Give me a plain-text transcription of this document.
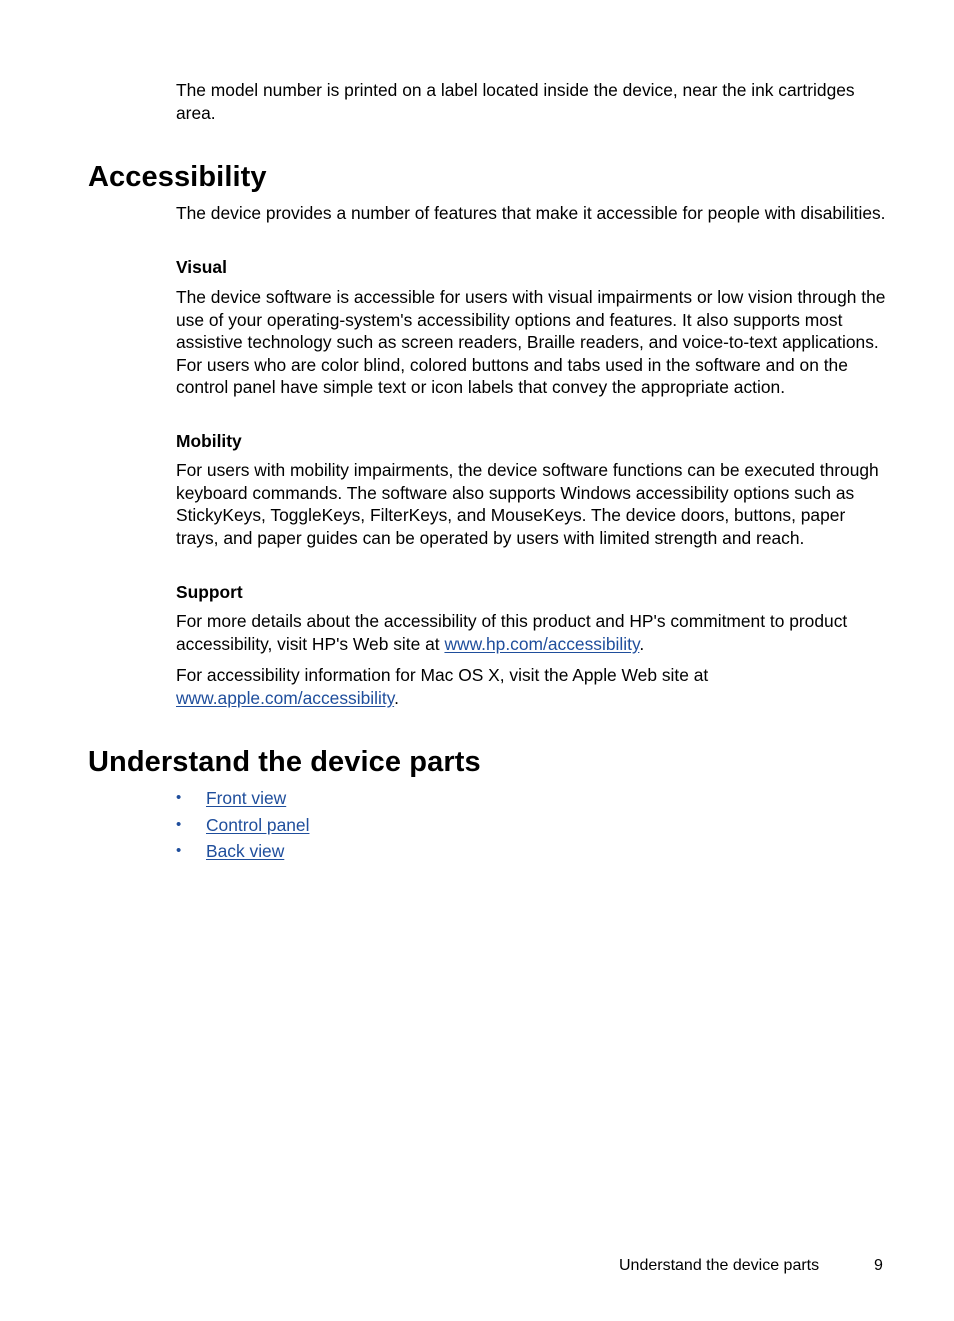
The model number is printed on a label located inside the device, near the ink cartridges area.

Accessibility

The device provides a number of features that make it accessible for people with disabilities.

Visual

The device software is accessible for users with visual impairments or low vision through the use of your operating-system's accessibility options and features. It also supports most assistive technology such as screen readers, Braille readers, and voice-to-text applications. For users who are color blind, colored buttons and tabs used in the software and on the control panel have simple text or icon labels that convey the appropriate action.

Mobility

For users with mobility impairments, the device software functions can be executed through keyboard commands. The software also supports Windows accessibility options such as StickyKeys, ToggleKeys, FilterKeys, and MouseKeys. The device doors, buttons, paper trays, and paper guides can be operated by users with limited strength and reach.

Support

For more details about the accessibility of this product and HP's commitment to product accessibility, visit HP's Web site at www.hp.com/accessibility.

For accessibility information for Mac OS X, visit the Apple Web site at www.apple.com/accessibility.

Understand the device parts
• Front view
• Control panel
• Back view
Understand the device parts	9
